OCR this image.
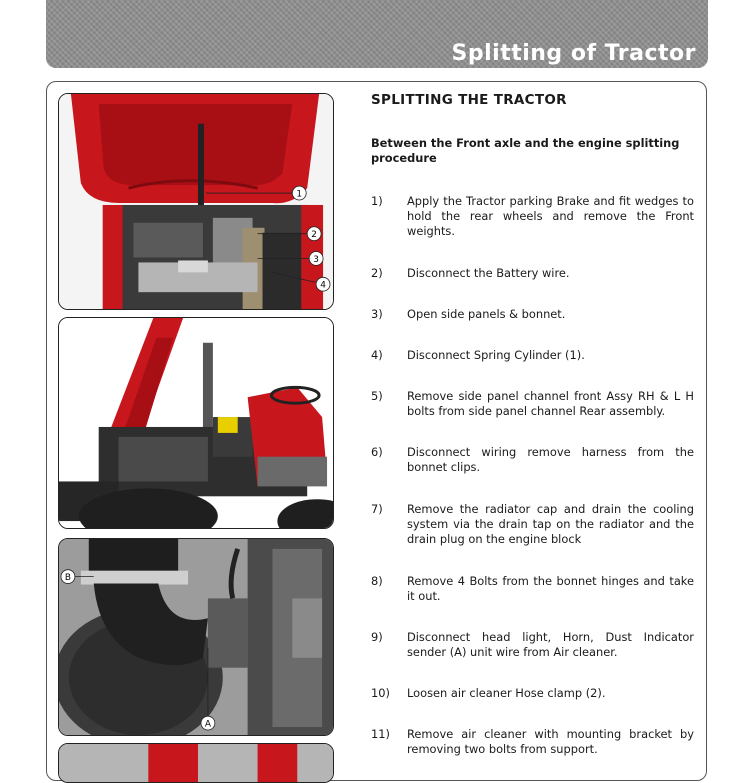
Splitting of Tractor
1
2
3
4
B
A
SPLITTING THE TRACTOR
Between the Front axle and the engine splitting procedure
1)	Apply the Tractor parking Brake and fit wedges to hold the rear wheels and remove the Front weights.
2)	Disconnect the Battery wire.
3)	Open side panels & bonnet.
4)	Disconnect Spring Cylinder (1).
5)	Remove side panel channel front Assy RH & L H bolts from side panel channel Rear assembly.
6)	Disconnect wiring remove harness from the bonnet clips.
7)	Remove the radiator cap and drain the cooling system via the drain tap on the radiator and the drain plug on the engine block
8)	Remove 4 Bolts from the bonnet hinges and take it out.
9)	Disconnect head light, Horn, Dust Indicator sender (A) unit wire from Air cleaner.
10)	Loosen air cleaner Hose clamp (2).
11)	Remove air cleaner with mounting bracket by removing two bolts from support.
